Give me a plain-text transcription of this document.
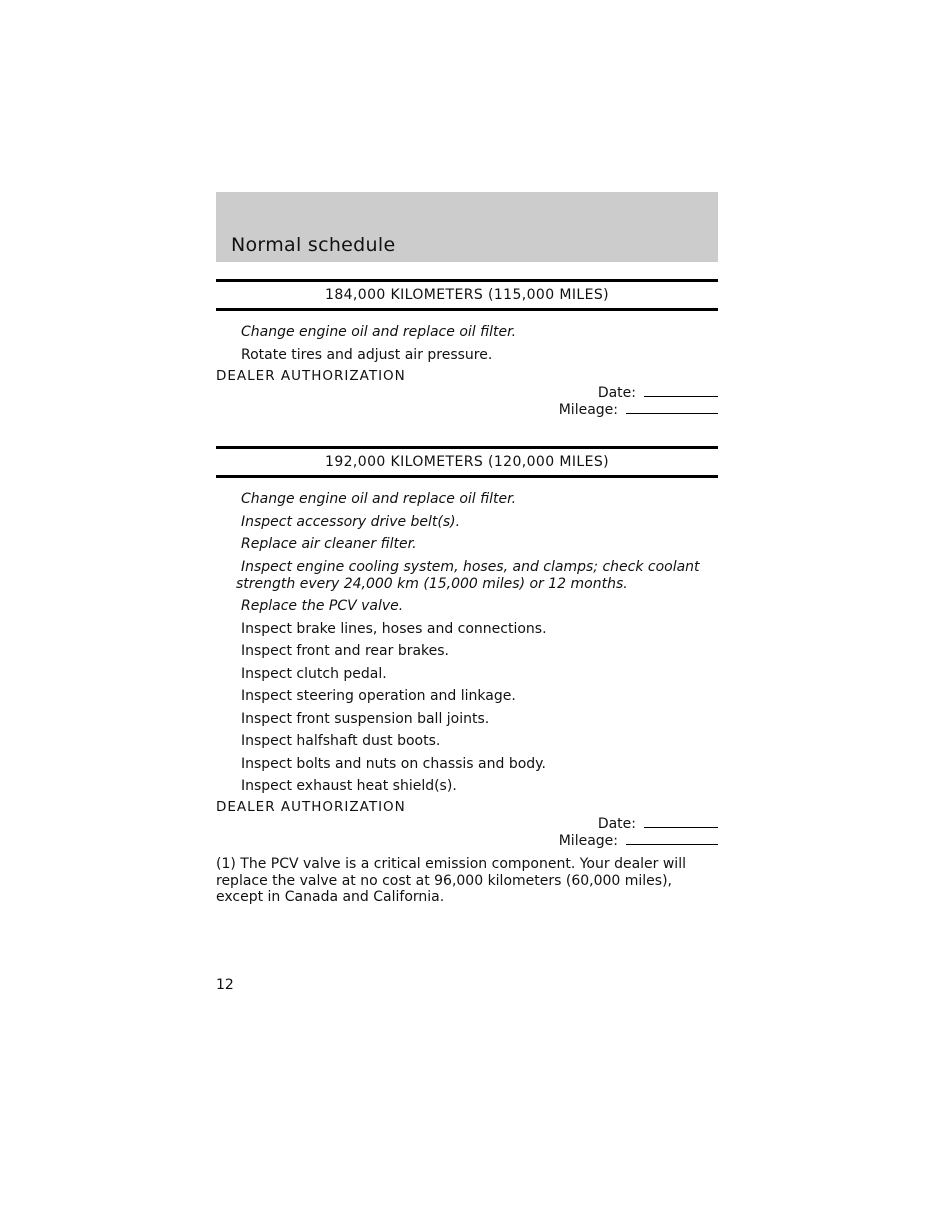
Normal schedule
184,000 KILOMETERS (115,000 MILES)
Change engine oil and replace oil filter.
Rotate tires and adjust air pressure.
DEALER AUTHORIZATION
Date:
Mileage:
192,000 KILOMETERS (120,000 MILES)
Change engine oil and replace oil filter.
Inspect accessory drive belt(s).
Replace air cleaner filter.
Inspect engine cooling system, hoses, and clamps; check coolant strength every 24,000 km (15,000 miles) or 12 months.
Replace the PCV valve.
Inspect brake lines, hoses and connections.
Inspect front and rear brakes.
Inspect clutch pedal.
Inspect steering operation and linkage.
Inspect front suspension ball joints.
Inspect halfshaft dust boots.
Inspect bolts and nuts on chassis and body.
Inspect exhaust heat shield(s).
DEALER AUTHORIZATION
Date:
Mileage:
(1) The PCV valve is a critical emission component. Your dealer will replace the valve at no cost at 96,000 kilometers (60,000 miles), except in Canada and California.
12
